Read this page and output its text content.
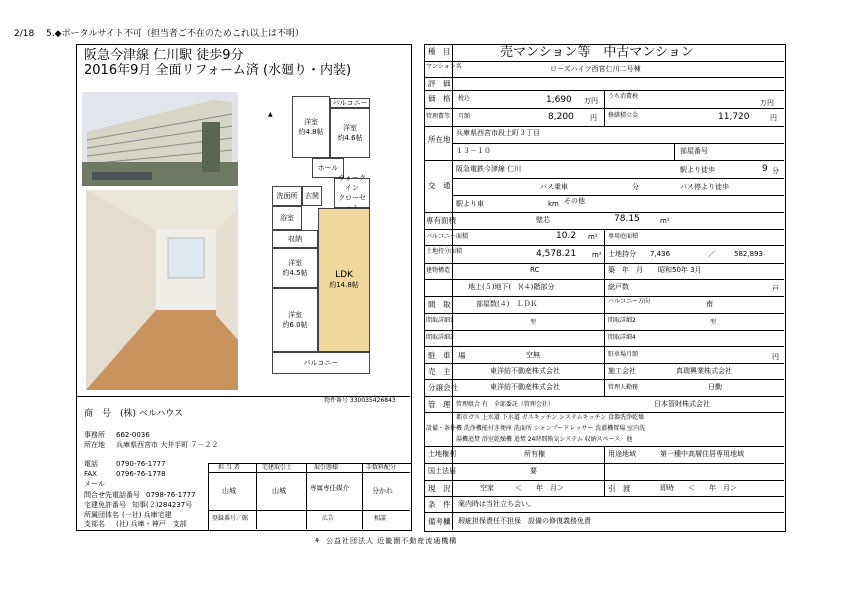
2/18 5.◆ポータルサイト不可（担当者ご不在のためこれ以上は不明）
阪急今津線 仁川駅 徒歩9分
2016年9月 全面リフォーム済 (水廻り・内装)
▲
洋室
約4.8帖	洋室
約4.6帖
バルコニー
ホール
ウォークイン
クローゼ
洗面所
浴室
玄関
収納
洋室
約4.5帖	LDK
約14.8帖
洋室
約6.0帖
バルコニー
物件番号 330035426843
商　号 (株) ベルハウス
事務所 662-0036
所在地 兵庫県西宮市 大井手町 ７－２２
電話	0790-76-1777
FAX	0796-76-1778
メール
問合せ先電話番号 0798-76-1777
宅建免許番号 知事(２)284237号
所属団体名 (一社) 兵庫宅建
支部名 (社) 兵庫・神戸　支部
担 当 者	宅建取引士	取引態様	手数料配分
山城	山城	専属専任媒介	分かれ
登録番号／館	広告	相談
種　目	売マンション等　中古マンション
マンション名	ローズハイツ西宮仁川二号棟
評　価
価　格 税込	1,690 万円
うち消費税
万円
管理費等 月額	8,200 円 修繕積立金	11,720	円
所在地
兵庫県西宮市段上町３丁目
１３－１０	部屋番号
交　通
阪急電鉄今津線 仁川	駅より徒歩	9 分
バス乗車	分	バス停より徒歩
駅より車	km その他
専有面積	壁芯	78.15	m²
バルコニー面積	10.2 m² 専用庭面積
土地持分面積	4,578.21 m² 土地持分 7,436	／	582,893
建物構造	RC	築　年　月 昭和50年 3月
地上(５)地下(　)(４)階部分	総戸数	戸
間　取	部屋数(４)　ＬＤＫ	バルコニー方向	南
間取詳細1	間取詳細2
型	型
間取詳細3	間取詳細4
駐　車　場	空無	駐車場月額	円
売　主	東洋紡不動産株式会社	施工会社	真瑞興業株式会社
分譲会社	東洋紡不動産株式会社	管理人勤務	日勤
管　理 管理組合 有　全部委託（管理会社）	日本管財株式会社
設備・条件
都市ガス 上水道 下水道 ガスキッチン システムキッチン 食器洗浄乾燥
機 洗浄機能付き便座 洗面所 シャンプードレッサー 洗濯機置場 室内洗
湯機追焚 浴室乾燥機 追焚 24時間換気システム 収納スペース　他
土地権利	所有権	用途地域	第一種中高層住居専用地域
国土法届	要
現　況	空家　　　＜　　年　月＞	引　渡	即時　　＜　　年　月＞
条　件 案内時は当社立ち会い。
備考欄 瑕疵担保責任不担保　設備の修復義務免責
⚘ 公益社団法人 近畿圏不動産流通機構
